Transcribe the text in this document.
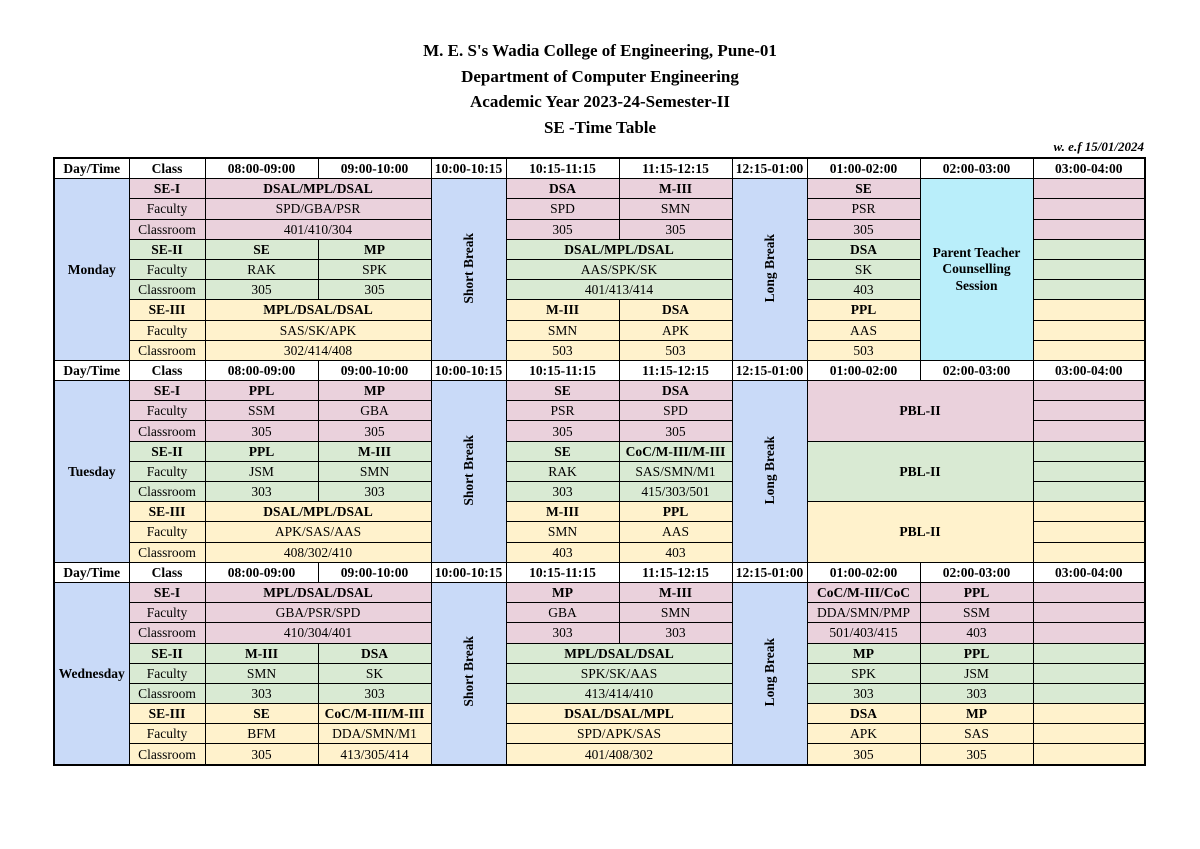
M. E. S's Wadia College of Engineering, Pune-01
Department of Computer Engineering
Academic Year 2023-24-Semester-II
SE -Time Table
w. e.f 15/01/2024
Day/Time	Class	08:00-09:00	09:00-10:00	10:00-10:15	10:15-11:15	11:15-12:15	12:15-01:00	01:00-02:00	02:00-03:00	03:00-04:00
Monday	SE-I	DSAL/MPL/DSAL		Short Break	DSA	M-III	Long Break	SE	Parent Teacher Counselling Session	
	Faculty	SPD/GBA/PSR			SPD	SMN		PSR		
	Classroom	401/410/304			305	305		305		
	SE-II	SE	MP		DSAL/MPL/DSAL			DSA		
	Faculty	RAK	SPK		AAS/SPK/SK			SK		
	Classroom	305	305		401/413/414			403		
	SE-III	MPL/DSAL/DSAL			M-III	DSA		PPL		
	Faculty	SAS/SK/APK			SMN	APK		AAS		
	Classroom	302/414/408			503	503		503		
Day/Time	Class	08:00-09:00	09:00-10:00	10:00-10:15	10:15-11:15	11:15-12:15	12:15-01:00	01:00-02:00	02:00-03:00	03:00-04:00
Tuesday	SE-I	PPL	MP	Short Break	SE	DSA	Long Break	PBL-II		
	Faculty	SSM	GBA		PSR	SPD				
	Classroom	305	305		305	305				
	SE-II	PPL	M-III		SE	CoC/M-III/M-III		PBL-II		
	Faculty	JSM	SMN		RAK	SAS/SMN/M1				
	Classroom	303	303		303	415/303/501				
	SE-III	DSAL/MPL/DSAL			M-III	PPL		PBL-II		
	Faculty	APK/SAS/AAS			SMN	AAS				
	Classroom	408/302/410			403	403				
Day/Time	Class	08:00-09:00	09:00-10:00	10:00-10:15	10:15-11:15	11:15-12:15	12:15-01:00	01:00-02:00	02:00-03:00	03:00-04:00
Wednesday	SE-I	MPL/DSAL/DSAL		Short Break	MP	M-III	Long Break	CoC/M-III/CoC	PPL	
	Faculty	GBA/PSR/SPD			GBA	SMN		DDA/SMN/PMP	SSM	
	Classroom	410/304/401			303	303		501/403/415	403	
	SE-II	M-III	DSA		MPL/DSAL/DSAL			MP	PPL	
	Faculty	SMN	SK		SPK/SK/AAS			SPK	JSM	
	Classroom	303	303		413/414/410			303	303	
	SE-III	SE	CoC/M-III/M-III		DSAL/DSAL/MPL			DSA	MP	
	Faculty	BFM	DDA/SMN/M1		SPD/APK/SAS			APK	SAS	
	Classroom	305	413/305/414		401/408/302			305	305	
